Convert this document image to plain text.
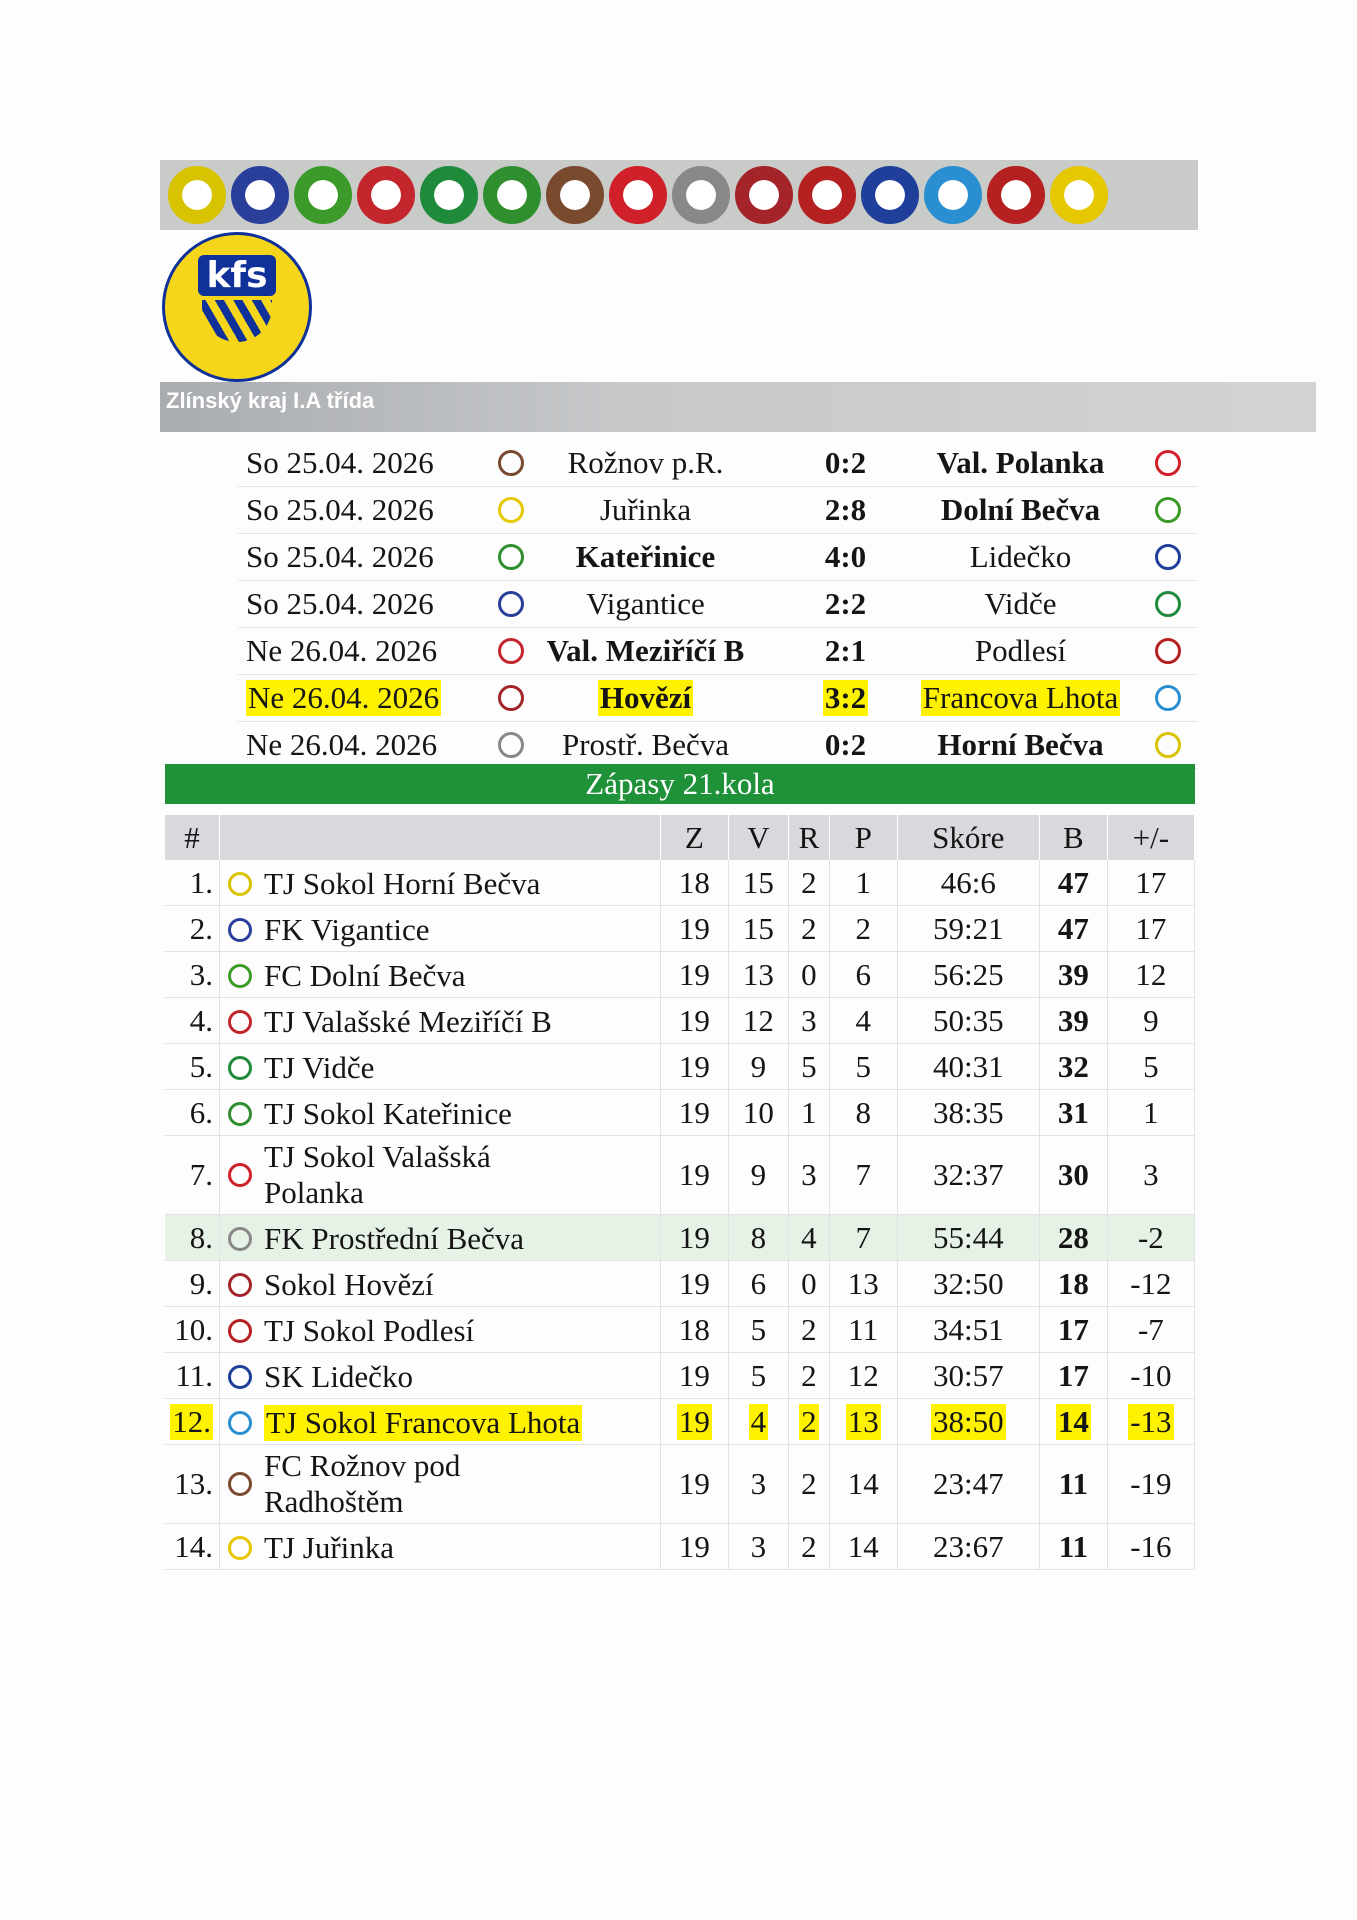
kfs
Zlínský kraj I.A třída
So 25.04. 2026	Rožnov p.R.	0:2	Val. Polanka
So 25.04. 2026	Juřinka	2:8	Dolní Bečva
So 25.04. 2026	Kateřinice	4:0	Lidečko
So 25.04. 2026	Vigantice	2:2	Vidče
Ne 26.04. 2026	Val. Meziříčí B	2:1	Podlesí
Ne 26.04. 2026	Hovězí	3:2	Francova Lhota
Ne 26.04. 2026	Prostř. Bečva	0:2	Horní Bečva
Zápasy 21.kola
#		Z	V	R	P	Skóre	B	+/-
1.	TJ Sokol Horní Bečva	18	15	2	1	46:6	47	17
2.	FK Vigantice	19	15	2	2	59:21	47	17
3.	FC Dolní Bečva	19	13	0	6	56:25	39	12
4.	TJ Valašské Meziříčí B	19	12	3	4	50:35	39	9
5.	TJ Vidče	19	9	5	5	40:31	32	5
6.	TJ Sokol Kateřinice	19	10	1	8	38:35	31	1
7.	TJ Sokol Valašská Polanka	19	9	3	7	32:37	30	3
8.	FK Prostřední Bečva	19	8	4	7	55:44	28	-2
9.	Sokol Hovězí	19	6	0	13	32:50	18	-12
10.	TJ Sokol Podlesí	18	5	2	11	34:51	17	-7
11.	SK Lidečko	19	5	2	12	30:57	17	-10
12.	TJ Sokol Francova Lhota	19	4	2	13	38:50	14	-13
13.	FC Rožnov pod Radhoštěm	19	3	2	14	23:47	11	-19
14.	TJ Juřinka	19	3	2	14	23:67	11	-16
